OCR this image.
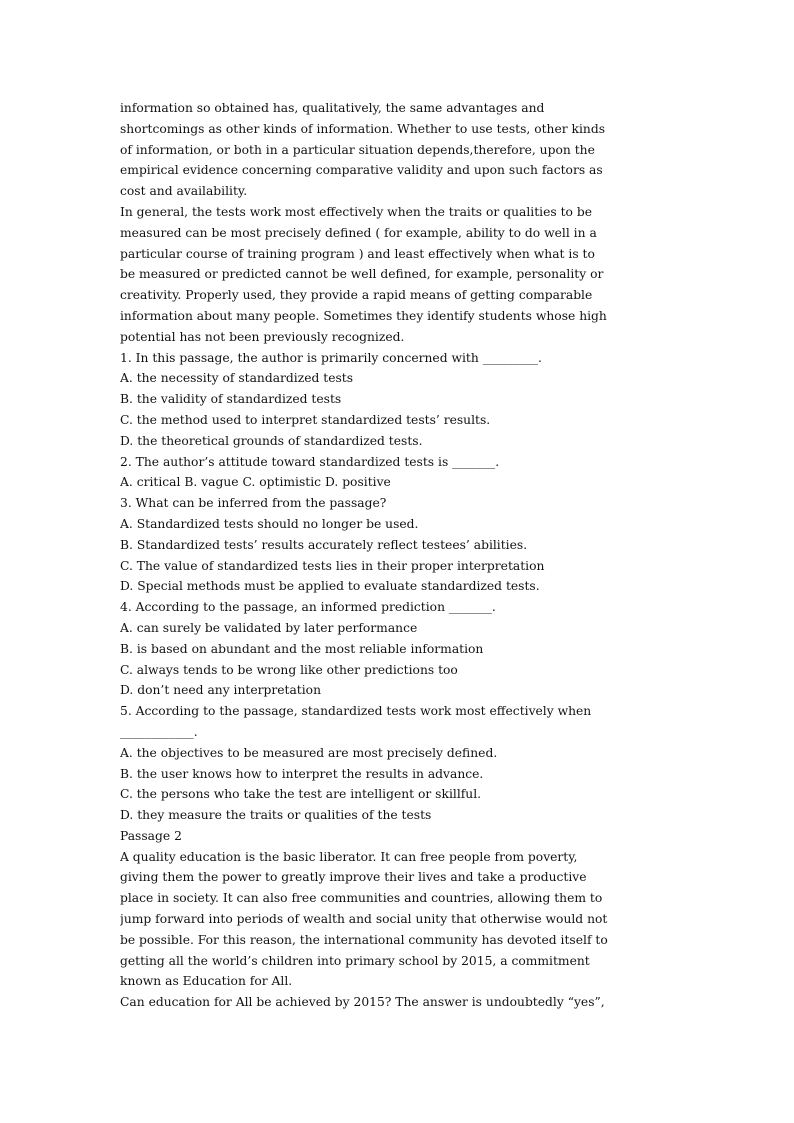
information so obtained has, qualitatively, the same advantages and
shortcomings as other kinds of information. Whether to use tests, other kinds
of information, or both in a particular situation depends,therefore, upon the
empirical evidence concerning comparative validity and upon such factors as
cost and availability.
In general, the tests work most effectively when the traits or qualities to be
measured can be most precisely defined ( for example, ability to do well in a
particular course of training program ) and least effectively when what is to
be measured or predicted cannot be well defined, for example, personality or
creativity. Properly used, they provide a rapid means of getting comparable
information about many people. Sometimes they identify students whose high
potential has not been previously recognized.
1. In this passage, the author is primarily concerned with _________.
A. the necessity of standardized tests
B. the validity of standardized tests
C. the method used to interpret standardized tests’ results.
D. the theoretical grounds of standardized tests.
2. The author’s attitude toward standardized tests is _______.
A. critical B. vague C. optimistic D. positive
3. What can be inferred from the passage?
A. Standardized tests should no longer be used.
B. Standardized tests’ results accurately reflect testees’ abilities.
C. The value of standardized tests lies in their proper interpretation
D. Special methods must be applied to evaluate standardized tests.
4. According to the passage, an informed prediction _______.
A. can surely be validated by later performance
B. is based on abundant and the most reliable information
C. always tends to be wrong like other predictions too
D. don’t need any interpretation
5. According to the passage, standardized tests work most effectively when
____________.
A. the objectives to be measured are most precisely defined.
B. the user knows how to interpret the results in advance.
C. the persons who take the test are intelligent or skillful.
D. they measure the traits or qualities of the tests
Passage 2
A quality education is the basic liberator. It can free people from poverty,
giving them the power to greatly improve their lives and take a productive
place in society. It can also free communities and countries, allowing them to
jump forward into periods of wealth and social unity that otherwise would not
be possible. For this reason, the international community has devoted itself to
getting all the world’s children into primary school by 2015, a commitment
known as Education for All.
Can education for All be achieved by 2015? The answer is undoubtedly “yes”,
